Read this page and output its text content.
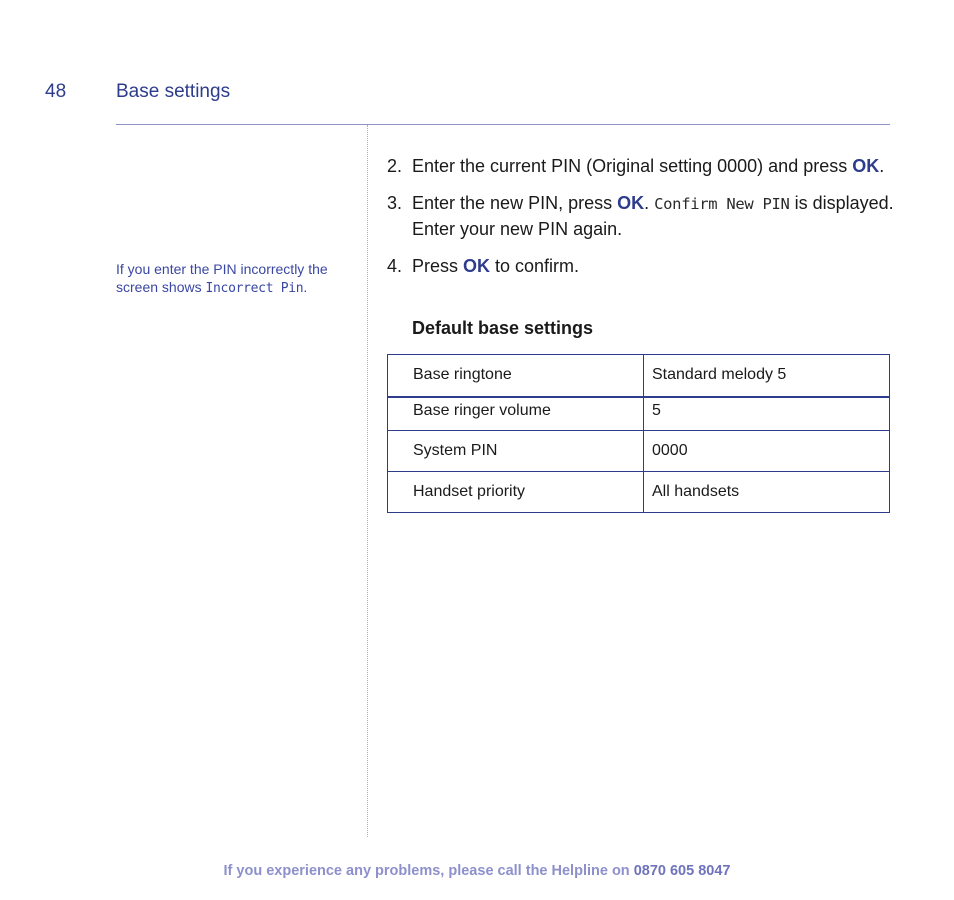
48	Base settings
If you enter the PIN incorrectly the screen shows Incorrect Pin.
2. Enter the current PIN (Original setting 0000) and press OK.
3. Enter the new PIN, press OK. Confirm New PIN is displayed. Enter your new PIN again.
4. Press OK to confirm.
Default base settings
Base ringtone	Standard melody 5
Base ringer volume	5
System PIN	0000
Handset priority	All handsets
If you experience any problems, please call the Helpline on 0870 605 8047
